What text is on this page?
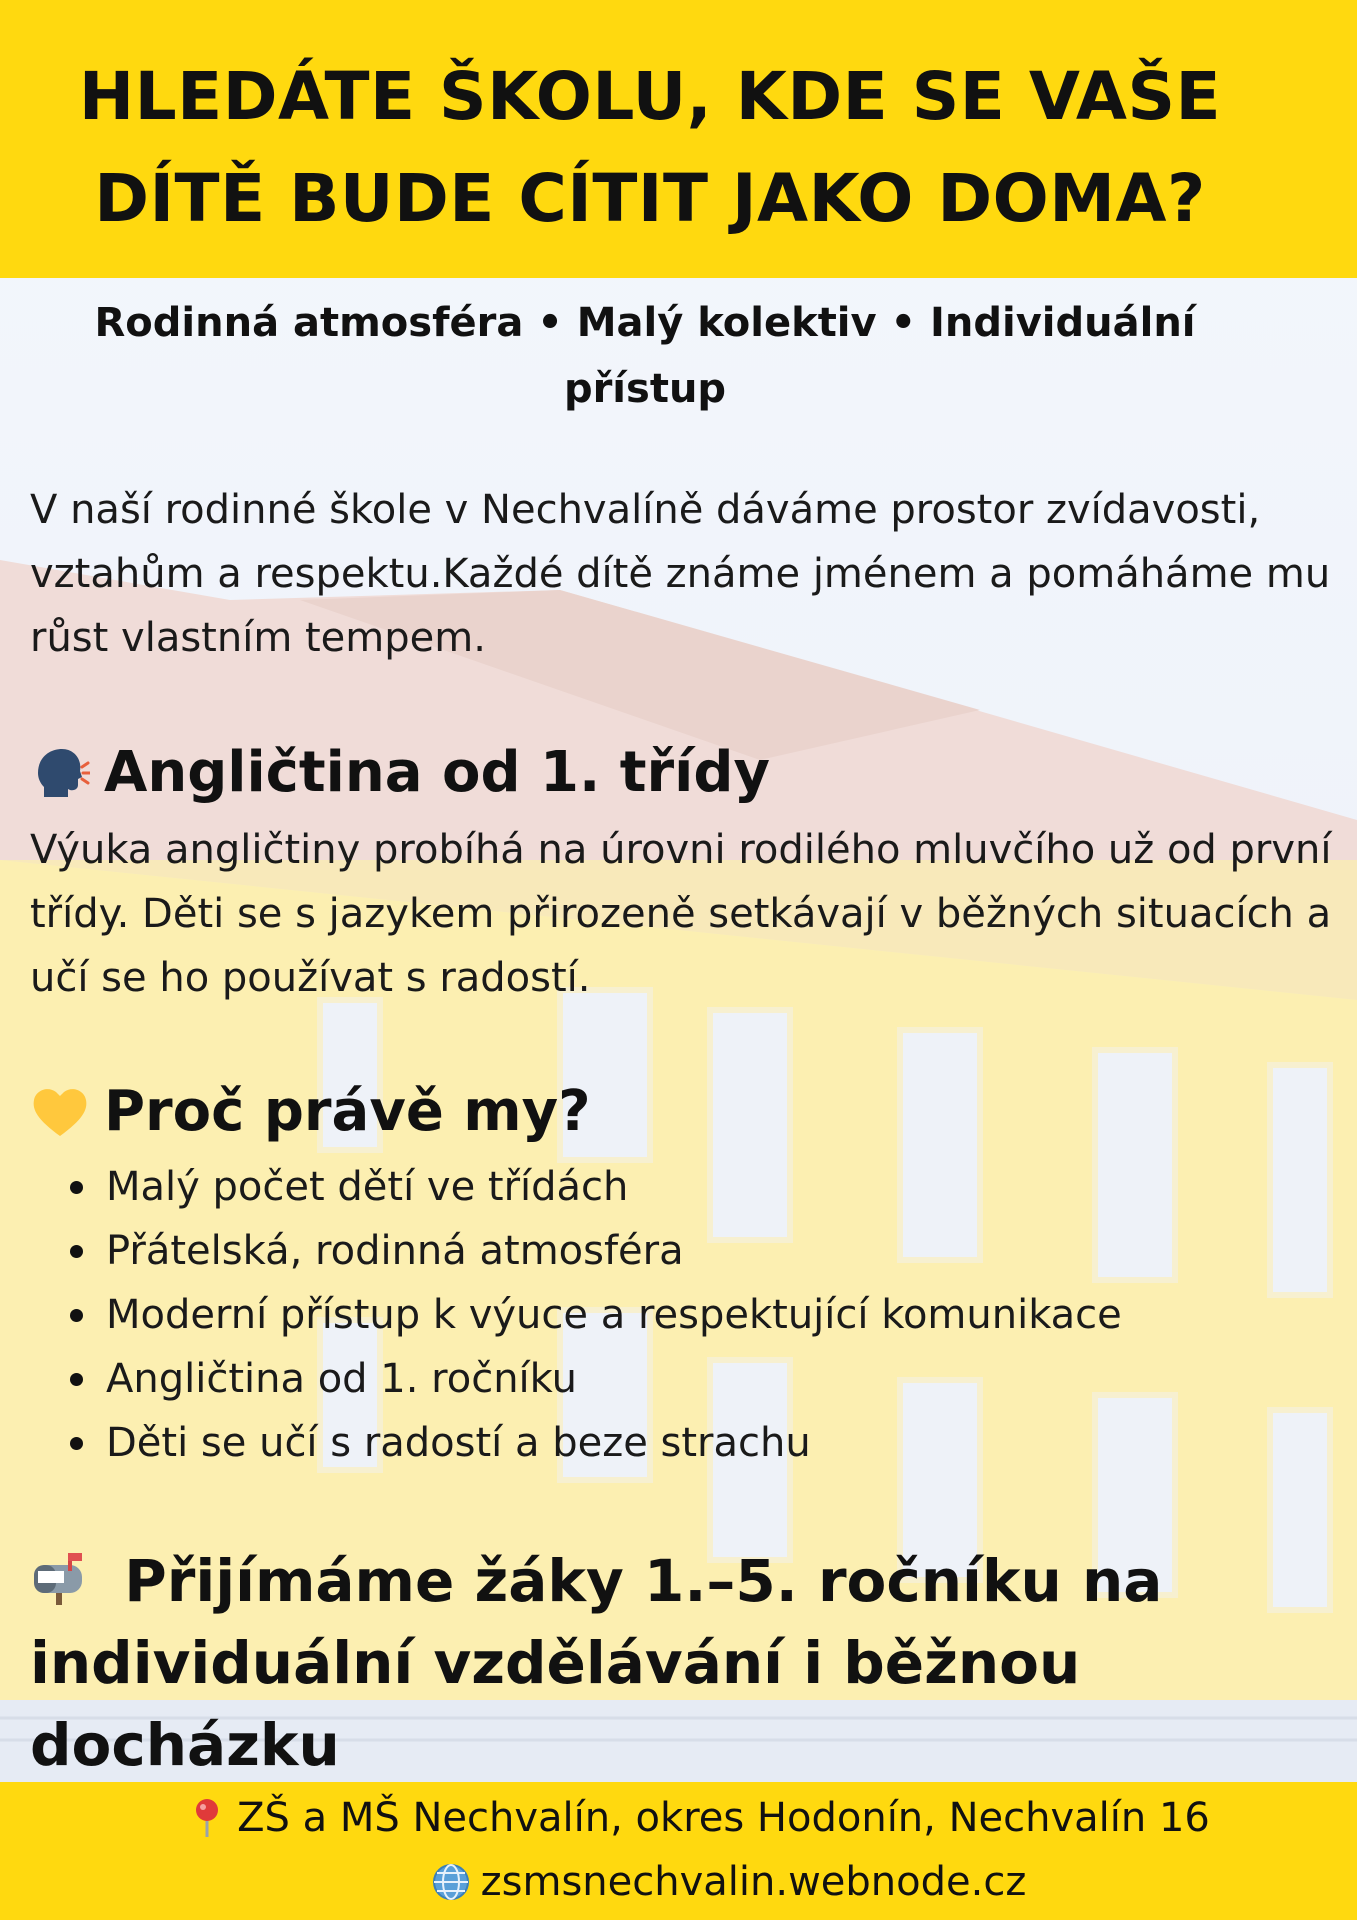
HLEDÁTE ŠKOLU, KDE SE VAŠE
DÍTĚ BUDE CÍTIT JAKO DOMA?
Rodinná atmosféra • Malý kolektiv • Individuální přístup
V naší rodinné škole v Nechvalíně dáváme prostor zvídavosti, vztahům a respektu.Každé dítě známe jménem a pomáháme mu růst vlastním tempem.
Angličtina od 1. třídy
Výuka angličtiny probíhá na úrovni rodilého mluvčího už od první třídy. Děti se s jazykem přirozeně setkávají v běžných situacích a učí se ho používat s radostí.
Proč právě my?
Malý počet dětí ve třídách
Přátelská, rodinná atmosféra
Moderní přístup k výuce a respektující komunikace
Angličtina od 1. ročníku
Děti se učí s radostí a beze strachu
Přijímáme žáky 1.–5. ročníku na individuální vzdělávání i běžnou docházku
ZŠ a MŠ Nechvalín, okres Hodonín, Nechvalín 16
zsmsnechvalin.webnode.cz
